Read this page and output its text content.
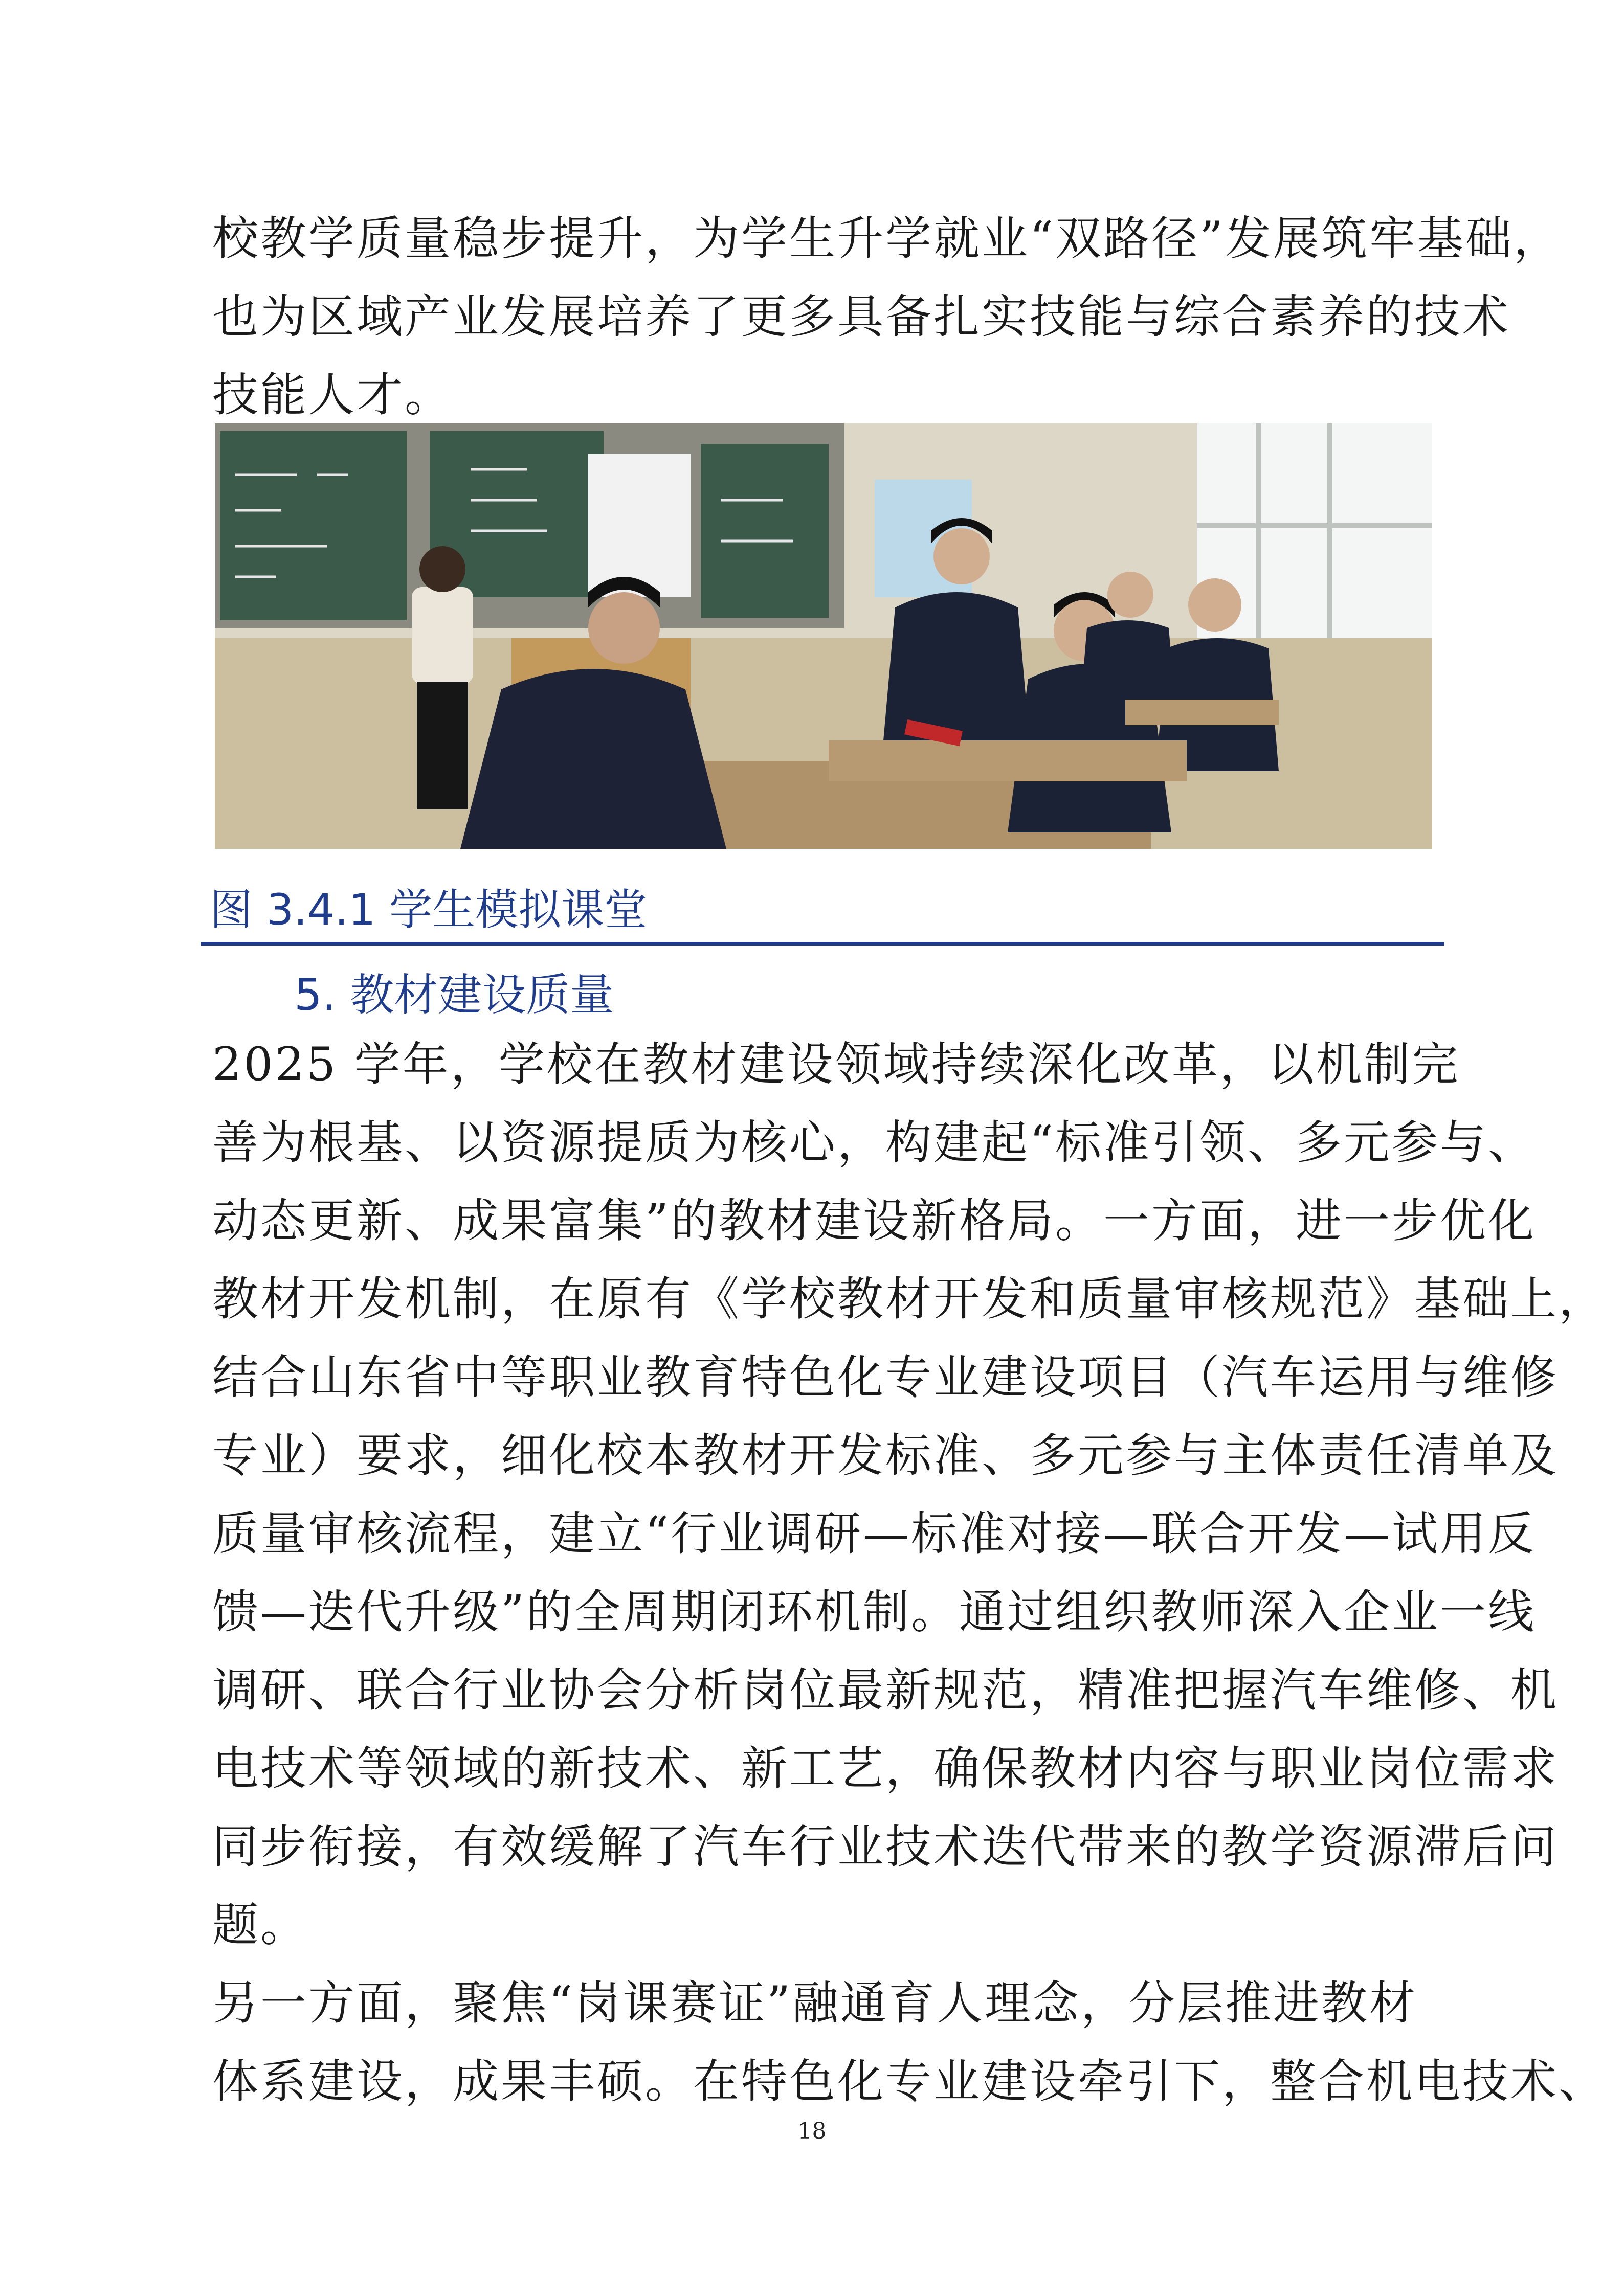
校教学质量稳步提升，为学生升学就业“双路径”发展筑牢基础，
也为区域产业发展培养了更多具备扎实技能与综合素养的技术
技能人才。
图 3.4.1 学生模拟课堂
5. 教材建设质量
2025 学年，学校在教材建设领域持续深化改革，以机制完
善为根基、以资源提质为核心，构建起“标准引领、多元参与、
动态更新、成果富集”的教材建设新格局。一方面，进一步优化
教材开发机制，在原有《学校教材开发和质量审核规范》基础上，
结合山东省中等职业教育特色化专业建设项目（汽车运用与维修
专业）要求，细化校本教材开发标准、多元参与主体责任清单及
质量审核流程，建立“行业调研—标准对接—联合开发—试用反
馈—迭代升级”的全周期闭环机制。通过组织教师深入企业一线
调研、联合行业协会分析岗位最新规范，精准把握汽车维修、机
电技术等领域的新技术、新工艺，确保教材内容与职业岗位需求
同步衔接，有效缓解了汽车行业技术迭代带来的教学资源滞后问
题。
另一方面，聚焦“岗课赛证”融通育人理念，分层推进教材
体系建设，成果丰硕。在特色化专业建设牵引下，整合机电技术、
18
